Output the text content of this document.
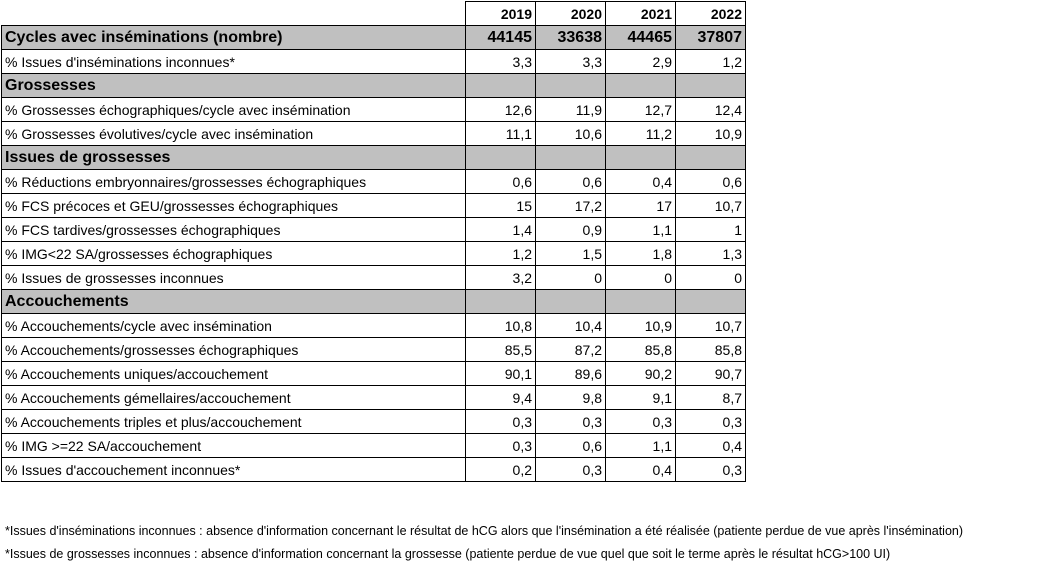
	2019	2020	2021	2022
Cycles avec inséminations (nombre)	44145	33638	44465	37807
% Issues d'inséminations inconnues*	3,3	3,3	2,9	1,2
Grossesses				
% Grossesses échographiques/cycle avec insémination	12,6	11,9	12,7	12,4
% Grossesses évolutives/cycle avec insémination	11,1	10,6	11,2	10,9
Issues de grossesses				
% Réductions embryonnaires/grossesses échographiques	0,6	0,6	0,4	0,6
% FCS précoces et GEU/grossesses échographiques	15	17,2	17	10,7
% FCS tardives/grossesses échographiques	1,4	0,9	1,1	1
% IMG<22 SA/grossesses échographiques	1,2	1,5	1,8	1,3
% Issues de grossesses inconnues	3,2	0	0	0
Accouchements				
% Accouchements/cycle avec insémination	10,8	10,4	10,9	10,7
% Accouchements/grossesses échographiques	85,5	87,2	85,8	85,8
% Accouchements uniques/accouchement	90,1	89,6	90,2	90,7
% Accouchements gémellaires/accouchement	9,4	9,8	9,1	8,7
% Accouchements triples et plus/accouchement	0,3	0,3	0,3	0,3
% IMG >=22 SA/accouchement	0,3	0,6	1,1	0,4
% Issues d'accouchement inconnues*	0,2	0,3	0,4	0,3
*Issues d'inséminations inconnues : absence d'information concernant le résultat de hCG alors que l'insémination a été réalisée (patiente perdue de vue après l'insémination)
*Issues de grossesses inconnues : absence d'information concernant la grossesse (patiente perdue de vue quel que soit le terme après le résultat hCG>100 UI)
